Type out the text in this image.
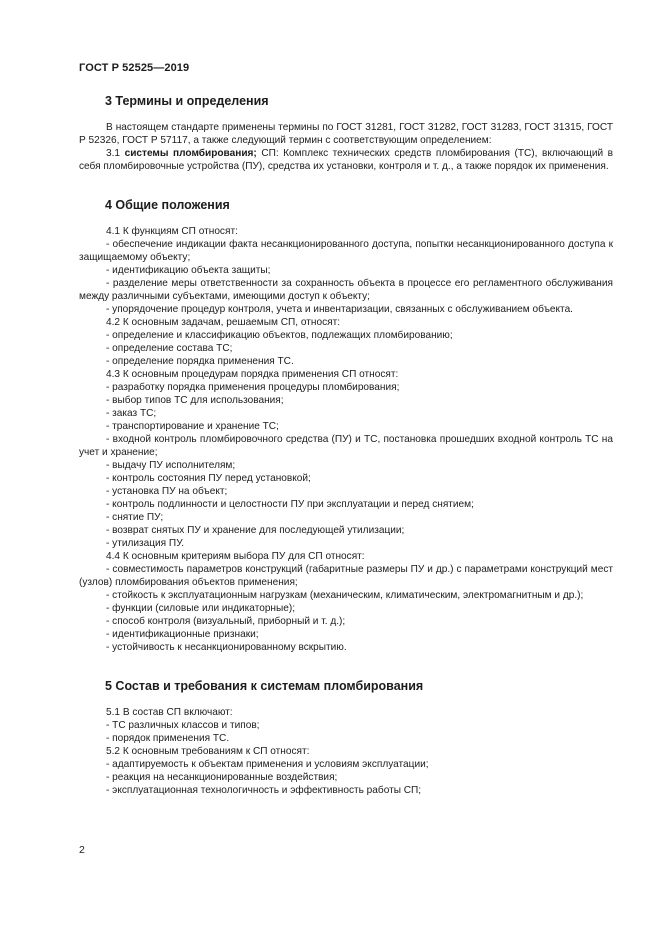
ГОСТ Р 52525—2019
3 Термины и определения

В настоящем стандарте применены термины по ГОСТ 31281, ГОСТ 31282, ГОСТ 31283, ГОСТ 31315, ГОСТ Р 52326, ГОСТ Р 57117, а также следующий термин с соответствующим определением:

3.1 системы пломбирования; СП: Комплекс технических средств пломбирования (ТС), включающий в себя пломбировочные устройства (ПУ), средства их установки, контроля и т. д., а также порядок их применения.

4 Общие положения

4.1 К функциям СП относят:

- обеспечение индикации факта несанкционированного доступа, попытки несанкционированного доступа к защищаемому объекту;

- идентификацию объекта защиты;

- разделение меры ответственности за сохранность объекта в процессе его регламентного обслуживания между различными субъектами, имеющими доступ к объекту;

- упорядочение процедур контроля, учета и инвентаризации, связанных с обслуживанием объекта.

4.2 К основным задачам, решаемым СП, относят:

- определение и классификацию объектов, подлежащих пломбированию;

- определение состава ТС;

- определение порядка применения ТС.

4.3 К основным процедурам порядка применения СП относят:

- разработку порядка применения процедуры пломбирования;

- выбор типов ТС для использования;

- заказ ТС;

- транспортирование и хранение ТС;

- входной контроль пломбировочного средства (ПУ) и ТС, постановка прошедших входной контроль ТС на учет и хранение;

- выдачу ПУ исполнителям;

- контроль состояния ПУ перед установкой;

- установка ПУ на объект;

- контроль подлинности и целостности ПУ при эксплуатации и перед снятием;

- снятие ПУ;

- возврат снятых ПУ и хранение для последующей утилизации;

- утилизация ПУ.

4.4 К основным критериям выбора ПУ для СП относят:

- совместимость параметров конструкций (габаритные размеры ПУ и др.) с параметрами конструкций мест (узлов) пломбирования объектов применения;

- стойкость к эксплуатационным нагрузкам (механическим, климатическим, электромагнитным и др.);

- функции (силовые или индикаторные);

- способ контроля (визуальный, приборный и т. д.);

- идентификационные признаки;

- устойчивость к несанкционированному вскрытию.

5 Состав и требования к системам пломбирования

5.1 В состав СП включают:

- ТС различных классов и типов;

- порядок применения ТС.

5.2 К основным требованиям к СП относят:

- адаптируемость к объектам применения и условиям эксплуатации;

- реакция на несанкционированные воздействия;

- эксплуатационная технологичность и эффективность работы СП;

2
